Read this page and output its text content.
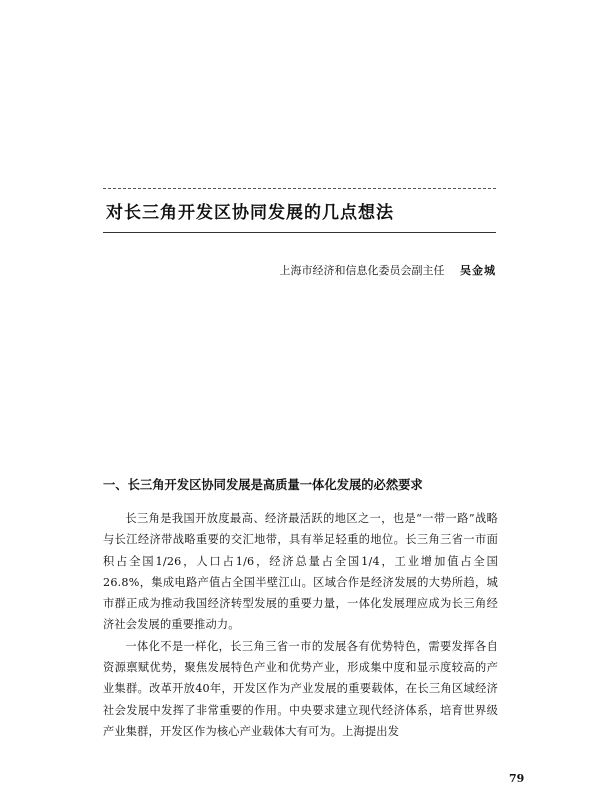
对长三角开发区协同发展的几点想法
上海市经济和信息化委员会副主任 吴金城
一、长三角开发区协同发展是高质量一体化发展的必然要求

长三角是我国开放度最高、经济最活跃的地区之一，也是“一带一路”战略与长江经济带战略重要的交汇地带，具有举足轻重的地位。长三角三省一市面积占全国1/26，人口占1/6，经济总量占全国1/4，工业增加值占全国26.8%，集成电路产值占全国半壁江山。区域合作是经济发展的大势所趋，城市群正成为推动我国经济转型发展的重要力量，一体化发展理应成为长三角经济社会发展的重要推动力。

一体化不是一样化，长三角三省一市的发展各有优势特色，需要发挥各自资源禀赋优势，聚焦发展特色产业和优势产业，形成集中度和显示度较高的产业集群。改革开放40年，开发区作为产业发展的重要载体，在长三角区域经济社会发展中发挥了非常重要的作用。中央要求建立现代经济体系，培育世界级产业集群，开发区作为核心产业载体大有可为。上海提出发

79
